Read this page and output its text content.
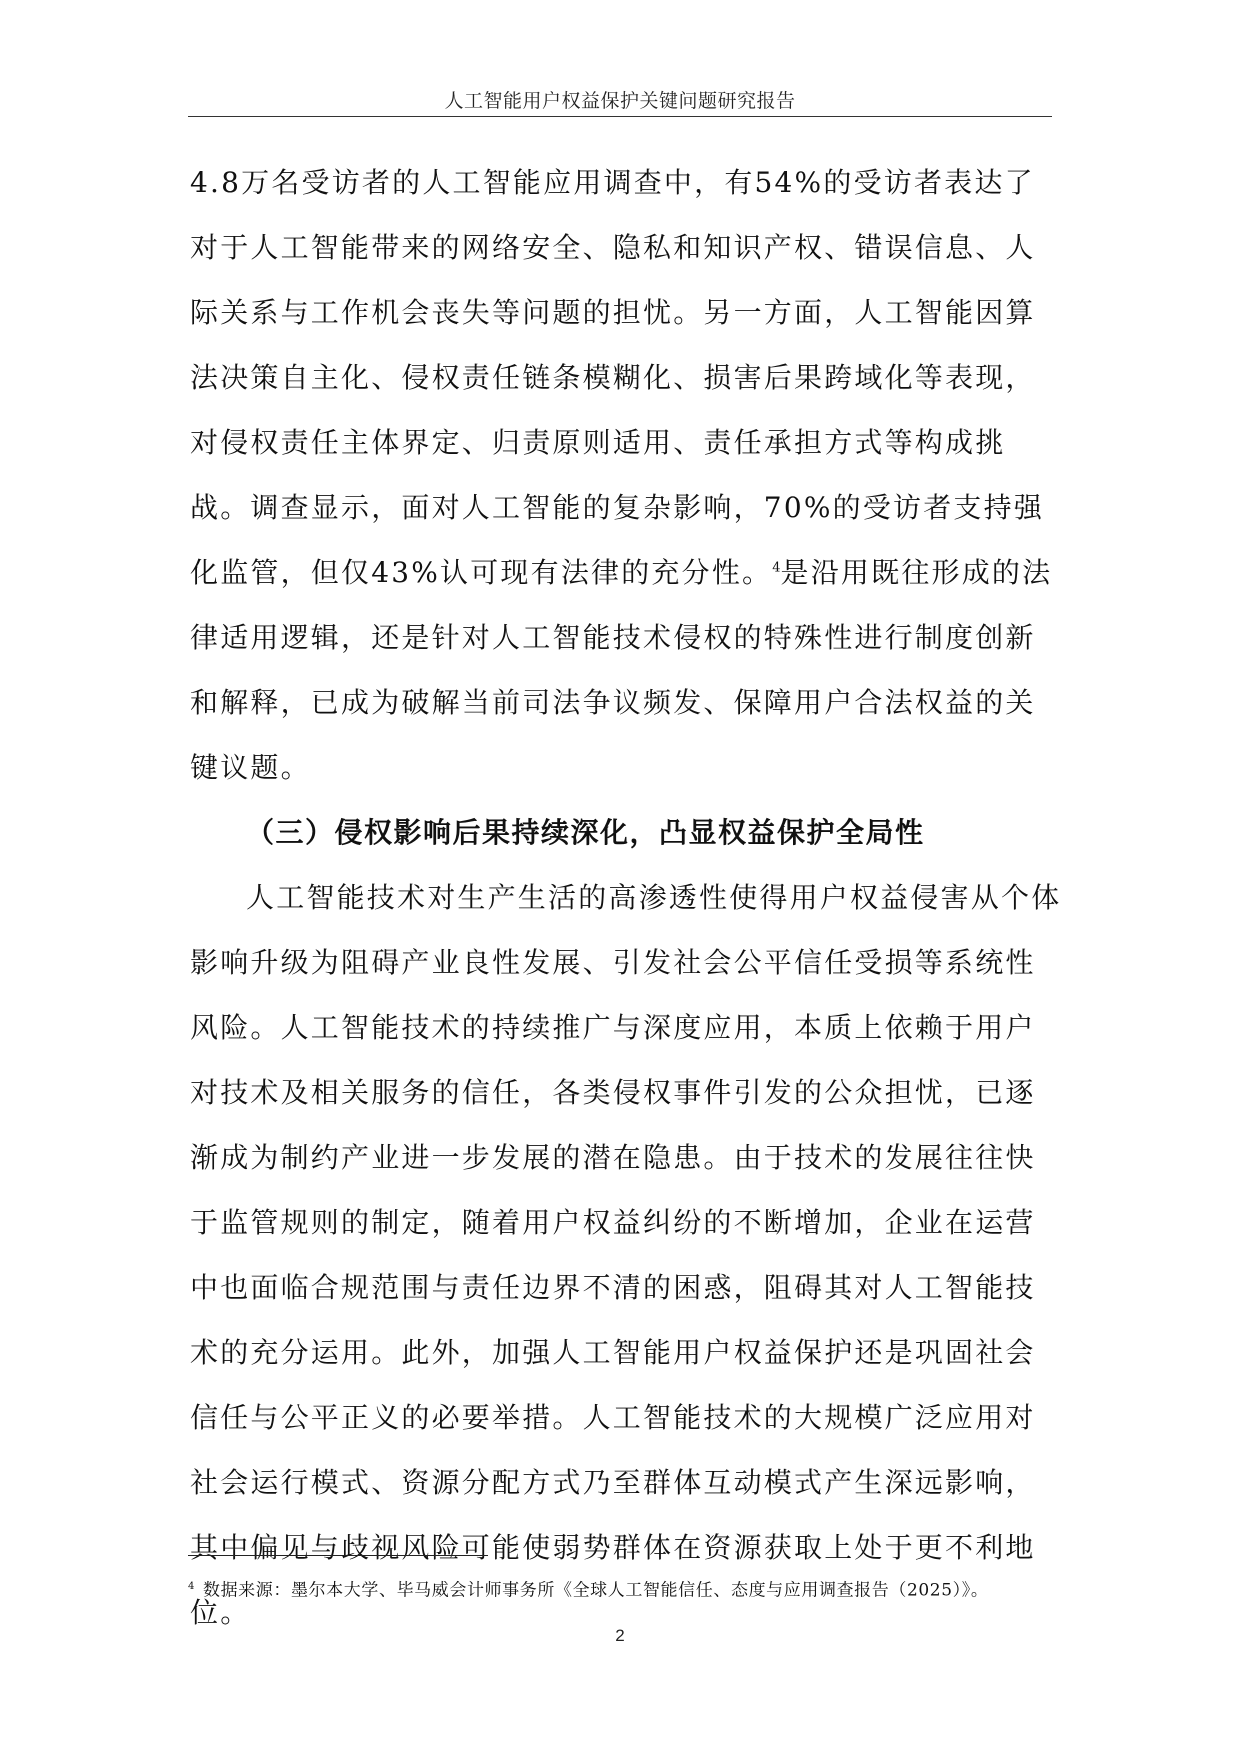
人工智能用户权益保护关键问题研究报告

4.8万名受访者的人工智能应用调查中，有54%的受访者表达了对于人工智能带来的网络安全、隐私和知识产权、错误信息、人际关系与工作机会丧失等问题的担忧。另一方面，人工智能因算法决策自主化、侵权责任链条模糊化、损害后果跨域化等表现，对侵权责任主体界定、归责原则适用、责任承担方式等构成挑战。调查显示，面对人工智能的复杂影响，70%的受访者支持强化监管，但仅43%认可现有法律的充分性。$^4$是沿用既往形成的法律适用逻辑，还是针对人工智能技术侵权的特殊性进行制度创新和解释，已成为破解当前司法争议频发、保障用户合法权益的关键议题。

（三）侵权影响后果持续深化，凸显权益保护全局性

人工智能技术对生产生活的高渗透性使得用户权益侵害从个体影响升级为阻碍产业良性发展、引发社会公平信任受损等系统性风险。人工智能技术的持续推广与深度应用，本质上依赖于用户对技术及相关服务的信任，各类侵权事件引发的公众担忧，已逐渐成为制约产业进一步发展的潜在隐患。由于技术的发展往往快于监管规则的制定，随着用户权益纠纷的不断增加，企业在运营中也面临合规范围与责任边界不清的困惑，阻碍其对人工智能技术的充分运用。此外，加强人工智能用户权益保护还是巩固社会信任与公平正义的必要举措。人工智能技术的大规模广泛应用对社会运行模式、资源分配方式乃至群体互动模式产生深远影响，其中偏见与歧视风险可能使弱势群体在资源获取上处于更不利地位。

$^4$ 数据来源：墨尔本大学、毕马威会计师事务所《全球人工智能信任、态度与应用调查报告（2025）》。
2
